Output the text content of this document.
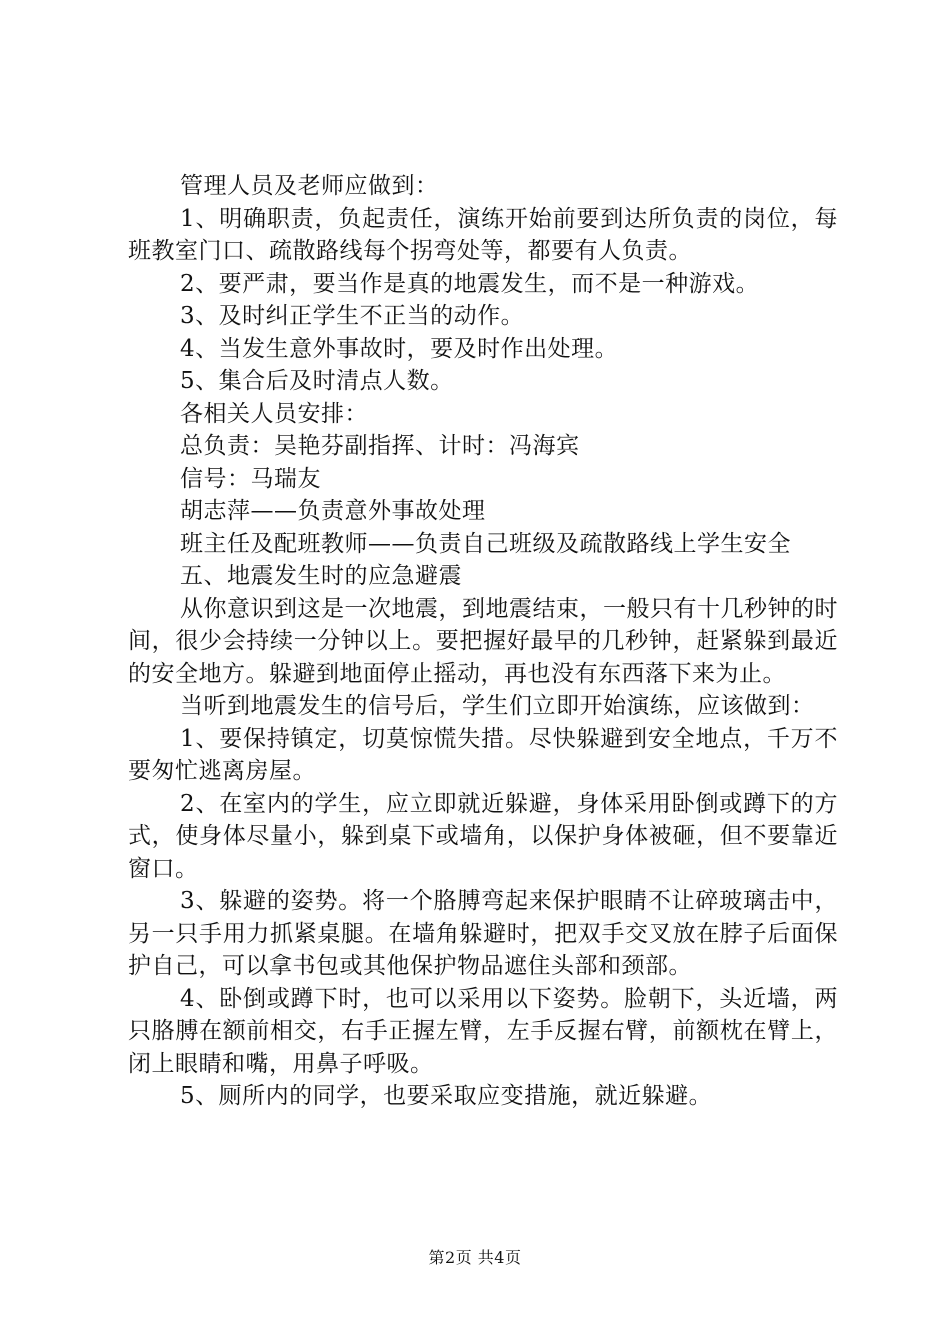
管理人员及老师应做到：

1、明确职责，负起责任，演练开始前要到达所负责的岗位，每班教室门口、疏散路线每个拐弯处等，都要有人负责。

2、要严肃，要当作是真的地震发生，而不是一种游戏。

3、及时纠正学生不正当的动作。

4、当发生意外事故时，要及时作出处理。

5、集合后及时清点人数。

各相关人员安排：

总负责：吴艳芬副指挥、计时：冯海宾

信号：马瑞友

胡志萍——负责意外事故处理

班主任及配班教师——负责自己班级及疏散路线上学生安全

五、地震发生时的应急避震

从你意识到这是一次地震，到地震结束，一般只有十几秒钟的时间，很少会持续一分钟以上。要把握好最早的几秒钟，赶紧躲到最近的安全地方。躲避到地面停止摇动，再也没有东西落下来为止。

当听到地震发生的信号后，学生们立即开始演练，应该做到：

1、要保持镇定，切莫惊慌失措。尽快躲避到安全地点，千万不要匆忙逃离房屋。

2、在室内的学生，应立即就近躲避，身体采用卧倒或蹲下的方式，使身体尽量小，躲到桌下或墙角，以保护身体被砸，但不要靠近窗口。

3、躲避的姿势。将一个胳膊弯起来保护眼睛不让碎玻璃击中，另一只手用力抓紧桌腿。在墙角躲避时，把双手交叉放在脖子后面保护自己，可以拿书包或其他保护物品遮住头部和颈部。

4、卧倒或蹲下时，也可以采用以下姿势。脸朝下，头近墙，两只胳膊在额前相交，右手正握左臂，左手反握右臂，前额枕在臂上，闭上眼睛和嘴，用鼻子呼吸。

5、厕所内的同学，也要采取应变措施，就近躲避。

第2页 共4页
